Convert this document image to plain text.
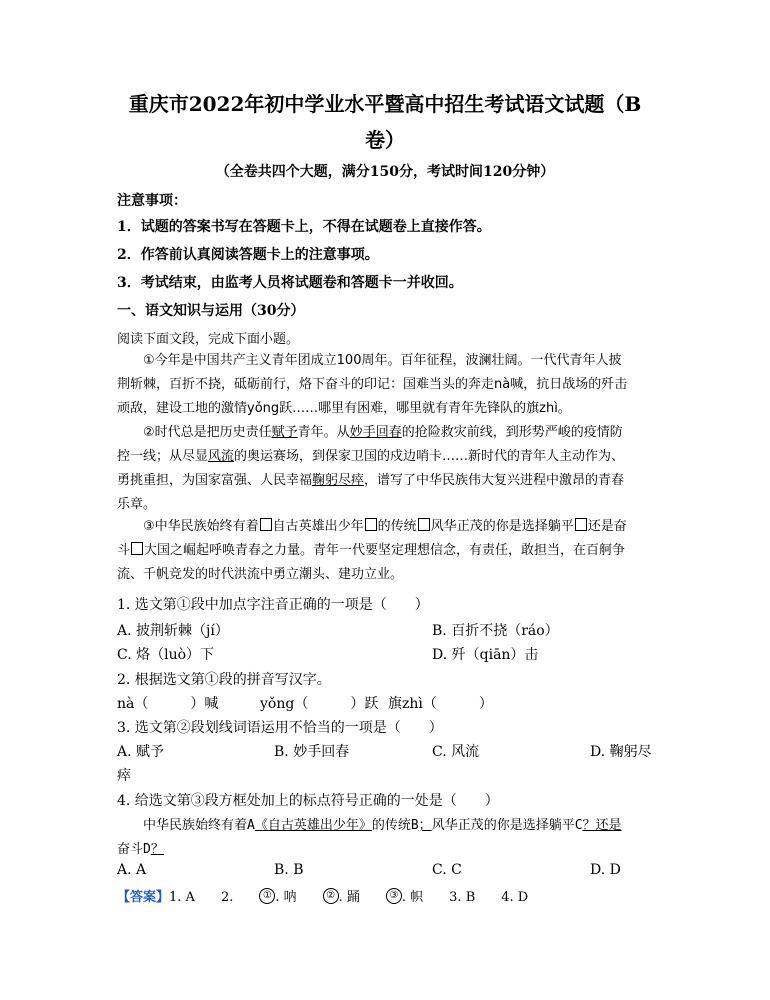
重庆市2022年初中学业水平暨高中招生考试语文试题（B
卷）
（全卷共四个大题，满分150分，考试时间120分钟）
注意事项：
1．试题的答案书写在答题卡上，不得在试题卷上直接作答。
2．作答前认真阅读答题卡上的注意事项。
3．考试结束，由监考人员将试题卷和答题卡一并收回。
一、语文知识与运用（30分）
阅读下面文段，完成下面小题。
①今年是中国共产主义青年团成立100周年。百年征程，波澜壮阔。一代代青年人披
荆斩棘，百折不挠，砥砺前行，烙下奋斗的印记：国难当头的奔走nà喊，抗日战场的歼击
顽敌，建设工地的激情yǒng跃……哪里有困难，哪里就有青年先锋队的旗zhì。
②时代总是把历史责任赋予青年。从妙手回春的抢险救灾前线，到形势严峻的疫情防
控一线；从尽显风流的奥运赛场，到保家卫国的戍边哨卡……新时代的青年人主动作为、
勇挑重担，为国家富强、人民幸福鞠躬尽瘁，谱写了中华民族伟大复兴进程中激昂的青春
乐章。
③中华民族始终有着 自古英雄出少年 的传统 风华正茂的你是选择躺平 还是奋
斗 大国之崛起呼唤青春之力量。青年一代要坚定理想信念，有责任，敢担当，在百舸争
流、千帆竞发的时代洪流中勇立潮头、建功立业。
1. 选文第①段中加点字注音正确的一项是（　　）
A. 披荆斩棘（jí）	B. 百折不挠（ráo）
C. 烙（luò）下	D. 歼（qiān）击
2. 根据选文第①段的拼音写汉字。
nà（　　　）喊	yǒng（　　　）跃 旗zhì（　　　）
3. 选文第②段划线词语运用不恰当的一项是（　　）
A. 赋予	B. 妙手回春	C. 风流	D. 鞠躬尽
瘁
4. 给选文第③段方框处加上的标点符号正确的一处是（　　）
中华民族始终有着A《自古英雄出少年》的传统B；风华正茂的你是选择躺平C？还是
奋斗D？
A. A	B. B	C. C	D. D
【答案】1. A 2.	① . 呐	② . 踊	③ . 帜 3. B 4. D
